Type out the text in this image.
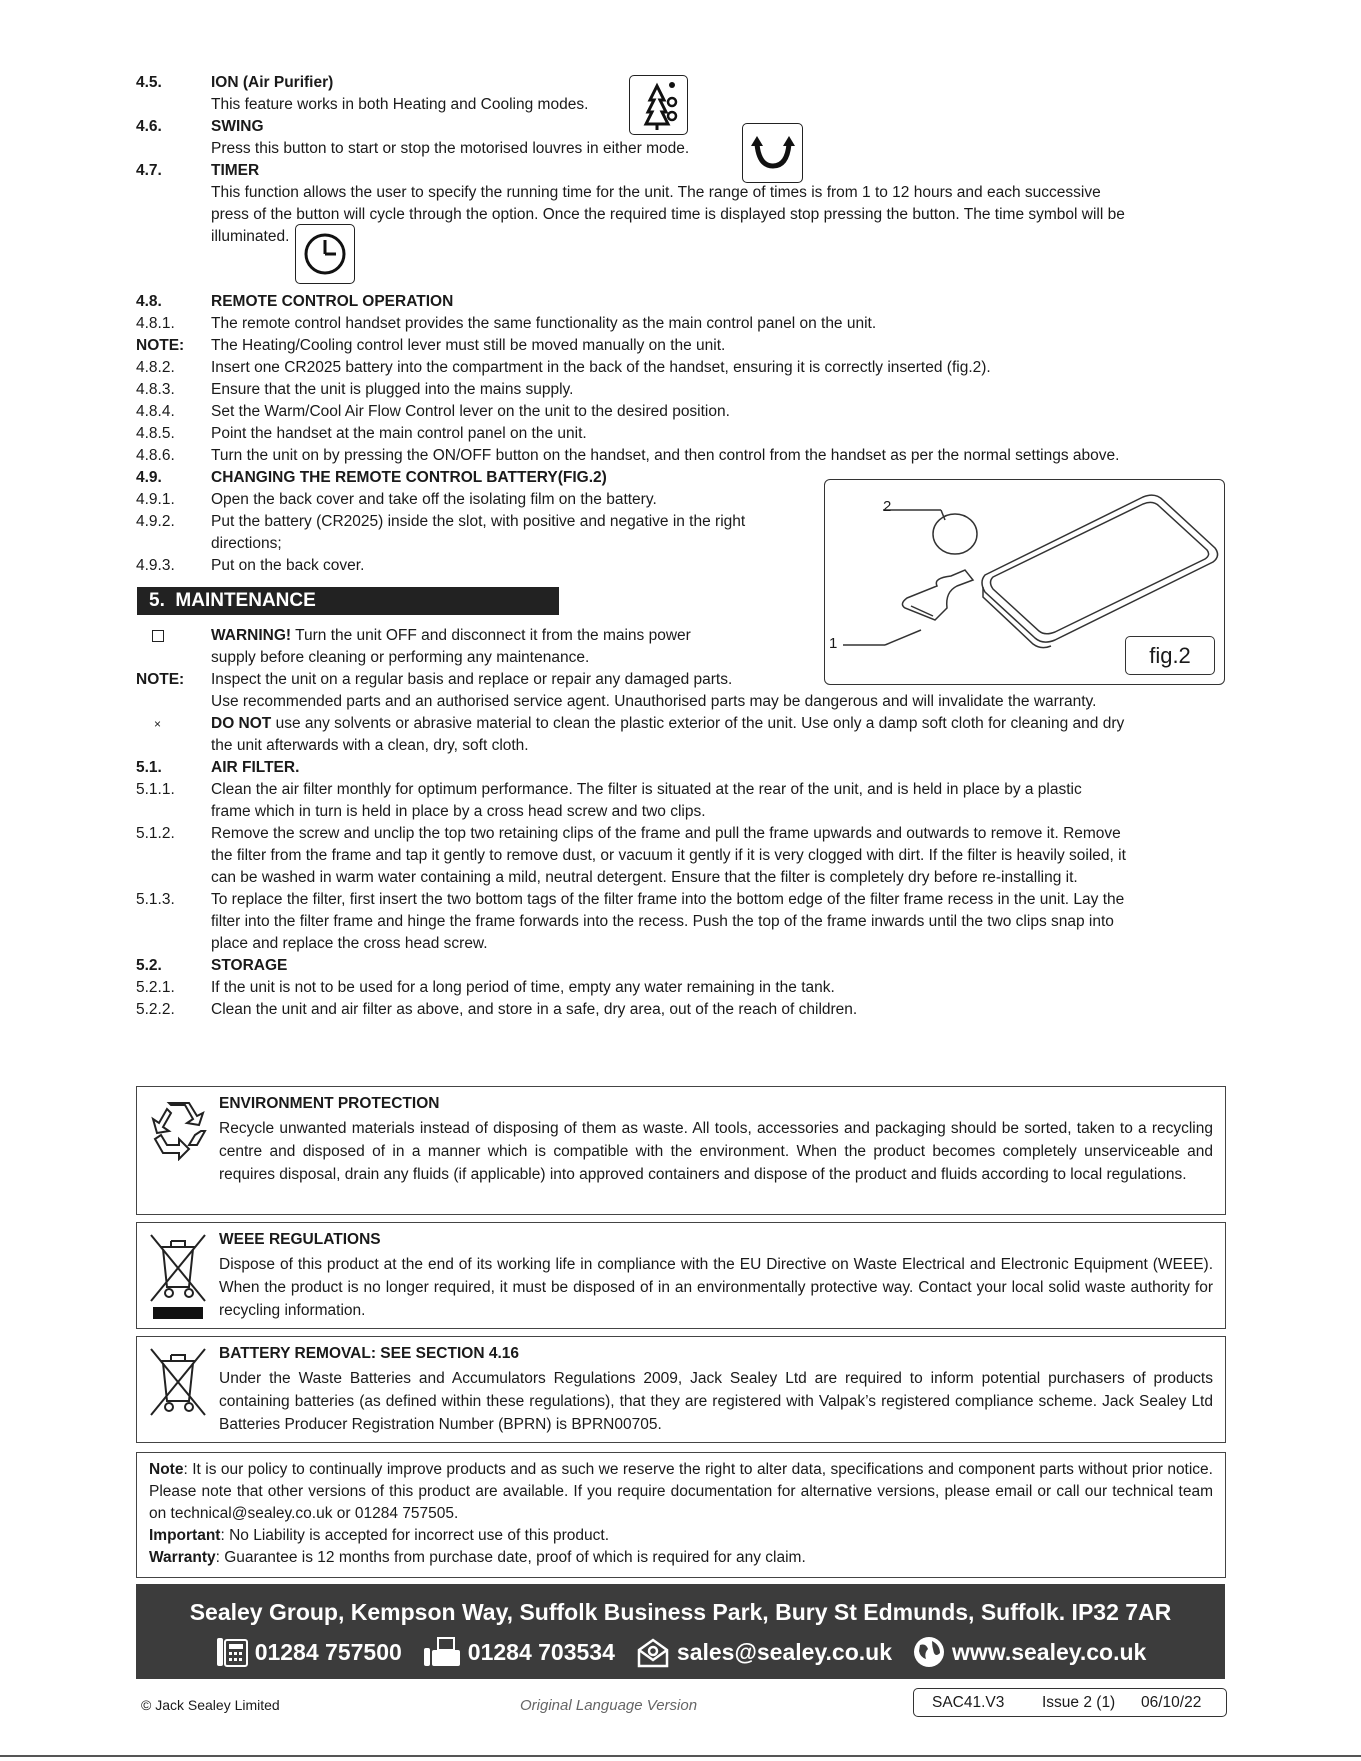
4.5.	ION (Air Purifier)
This feature works in both Heating and Cooling modes.
4.6.	SWING
Press this button to start or stop the motorised louvres in either mode.
4.7.	TIMER
This function allows the user to specify the running time for the unit. The range of times is from 1 to 12 hours and each successive
press of the button will cycle through the option. Once the required time is displayed stop pressing the button. The time symbol will be
illuminated.
4.8.	REMOTE CONTROL OPERATION
4.8.1. The remote control handset provides the same functionality as the main control panel on the unit.
NOTE: The Heating/Cooling control lever must still be moved manually on the unit.
4.8.2. Insert one CR2025 battery into the compartment in the back of the handset, ensuring it is correctly inserted (fig.2).
4.8.3. Ensure that the unit is plugged into the mains supply.
4.8.4. Set the Warm/Cool Air Flow Control lever on the unit to the desired position.
4.8.5. Point the handset at the main control panel on the unit.
4.8.6. Turn the unit on by pressing the ON/OFF button on the handset, and then control from the handset as per the normal settings above.
4.9.	CHANGING THE REMOTE CONTROL BATTERY(FIG.2)
4.9.1. Open the back cover and take off the isolating film on the battery.
4.9.2. Put the battery (CR2025) inside the slot, with positive and negative in the right
directions;
4.9.3. Put on the back cover.
2
1	fig.2
5.  MAINTENANCE
WARNING! Turn the unit OFF and disconnect it from the mains power
supply before cleaning or performing any maintenance.
NOTE: Inspect the unit on a regular basis and replace or repair any damaged parts.
Use recommended parts and an authorised service agent. Unauthorised parts may be dangerous and will invalidate the warranty.
×	DO NOT use any solvents or abrasive material to clean the plastic exterior of the unit. Use only a damp soft cloth for cleaning and dry
the unit afterwards with a clean, dry, soft cloth.
5.1.	AIR FILTER.
5.1.1. Clean the air filter monthly for optimum performance. The filter is situated at the rear of the unit, and is held in place by a plastic
frame which in turn is held in place by a cross head screw and two clips.
5.1.2. Remove the screw and unclip the top two retaining clips of the frame and pull the frame upwards and outwards to remove it. Remove
the filter from the frame and tap it gently to remove dust, or vacuum it gently if it is very clogged with dirt. If the filter is heavily soiled, it
can be washed in warm water containing a mild, neutral detergent. Ensure that the filter is completely dry before re-installing it.
5.1.3. To replace the filter, first insert the two bottom tags of the filter frame into the bottom edge of the filter frame recess in the unit. Lay the
filter into the filter frame and hinge the frame forwards into the recess. Push the top of the frame inwards until the two clips snap into
place and replace the cross head screw.
5.2.	STORAGE
5.2.1. If the unit is not to be used for a long period of time, empty any water remaining in the tank.
5.2.2. Clean the unit and air filter as above, and store in a safe, dry area, out of the reach of children.
ENVIRONMENT PROTECTION
Recycle unwanted materials instead of disposing of them as waste. All tools, accessories and packaging should be sorted, taken to a recycling centre and disposed of in a manner which is compatible with the environment. When the product becomes completely unserviceable and requires disposal, drain any fluids (if applicable) into approved containers and dispose of the product and fluids according to local regulations.
WEEE REGULATIONS
Dispose of this product at the end of its working life in compliance with the EU Directive on Waste Electrical and Electronic Equipment (WEEE). When the product is no longer required, it must be disposed of in an environmentally protective way. Contact your local solid waste authority for recycling information.
BATTERY REMOVAL: SEE SECTION 4.16
Under the Waste Batteries and Accumulators Regulations 2009, Jack Sealey Ltd are required to inform potential purchasers of products containing batteries (as defined within these regulations), that they are registered with Valpak’s registered compliance scheme. Jack Sealey Ltd Batteries Producer Registration Number (BPRN) is BPRN00705.

Note: It is our policy to continually improve products and as such we reserve the right to alter data, specifications and component parts without prior notice. Please note that other versions of this product are available. If you require documentation for alternative versions, please email or call our technical team on technical@sealey.co.uk or 01284 757505.

Important: No Liability is accepted for incorrect use of this product.

Warranty: Guarantee is 12 months from purchase date, proof of which is required for any claim.

Sealey Group, Kempson Way, Suffolk Business Park, Bury St Edmunds, Suffolk. IP32 7AR
01284 757500	01284 703534	sales@sealey.co.uk	www.sealey.co.uk
© Jack Sealey Limited	Original Language Version	SAC41.V3 Issue 2 (1) 06/10/22
